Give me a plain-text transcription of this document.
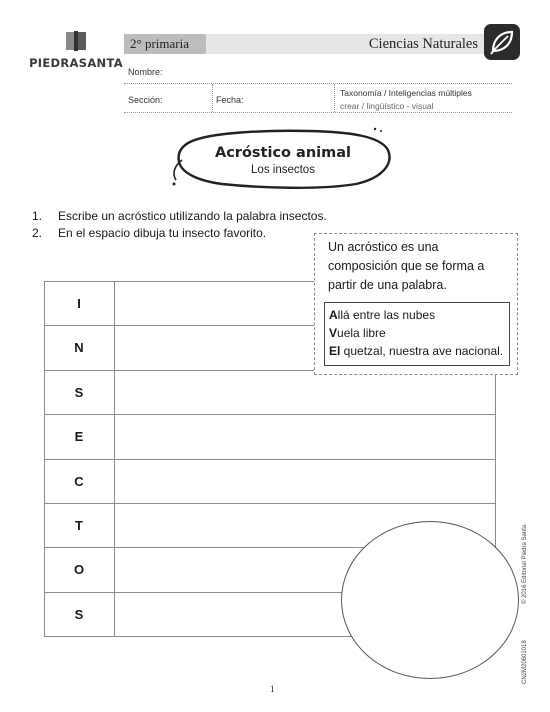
PIEDRASANTA
2° primaria	Ciencias Naturales
Nombre:
Sección:	Fecha:
Taxonomía / Inteligencias múltiples
crear / lingüístico - visual
Acróstico animal
Los insectos
1. Escribe un acróstico utilizando la palabra insectos.
2. En el espacio dibuja tu insecto favorito.
I
N
S
E
C
T
O
S
Un acróstico es una
composición que se forma a
partir de una palabra.
Allá entre las nubes
Vuela libre
El quetzal, nuestra ave nacional.
© 2016 Editorial Piedra Santa.
CN2M20601018
1
